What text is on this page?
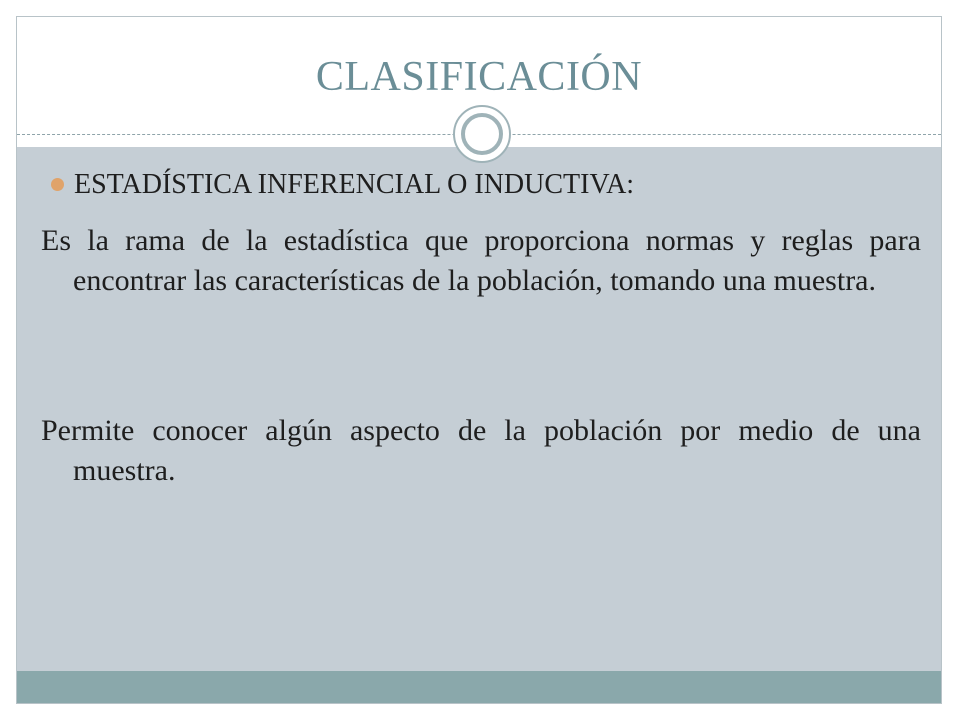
CLASIFICACIÓN
ESTADÍSTICA INFERENCIAL O INDUCTIVA:

Es la rama de la estadística que proporciona normas y reglas para encontrar las características de la población, tomando una muestra.

Permite conocer algún aspecto de la población por medio de una muestra.
